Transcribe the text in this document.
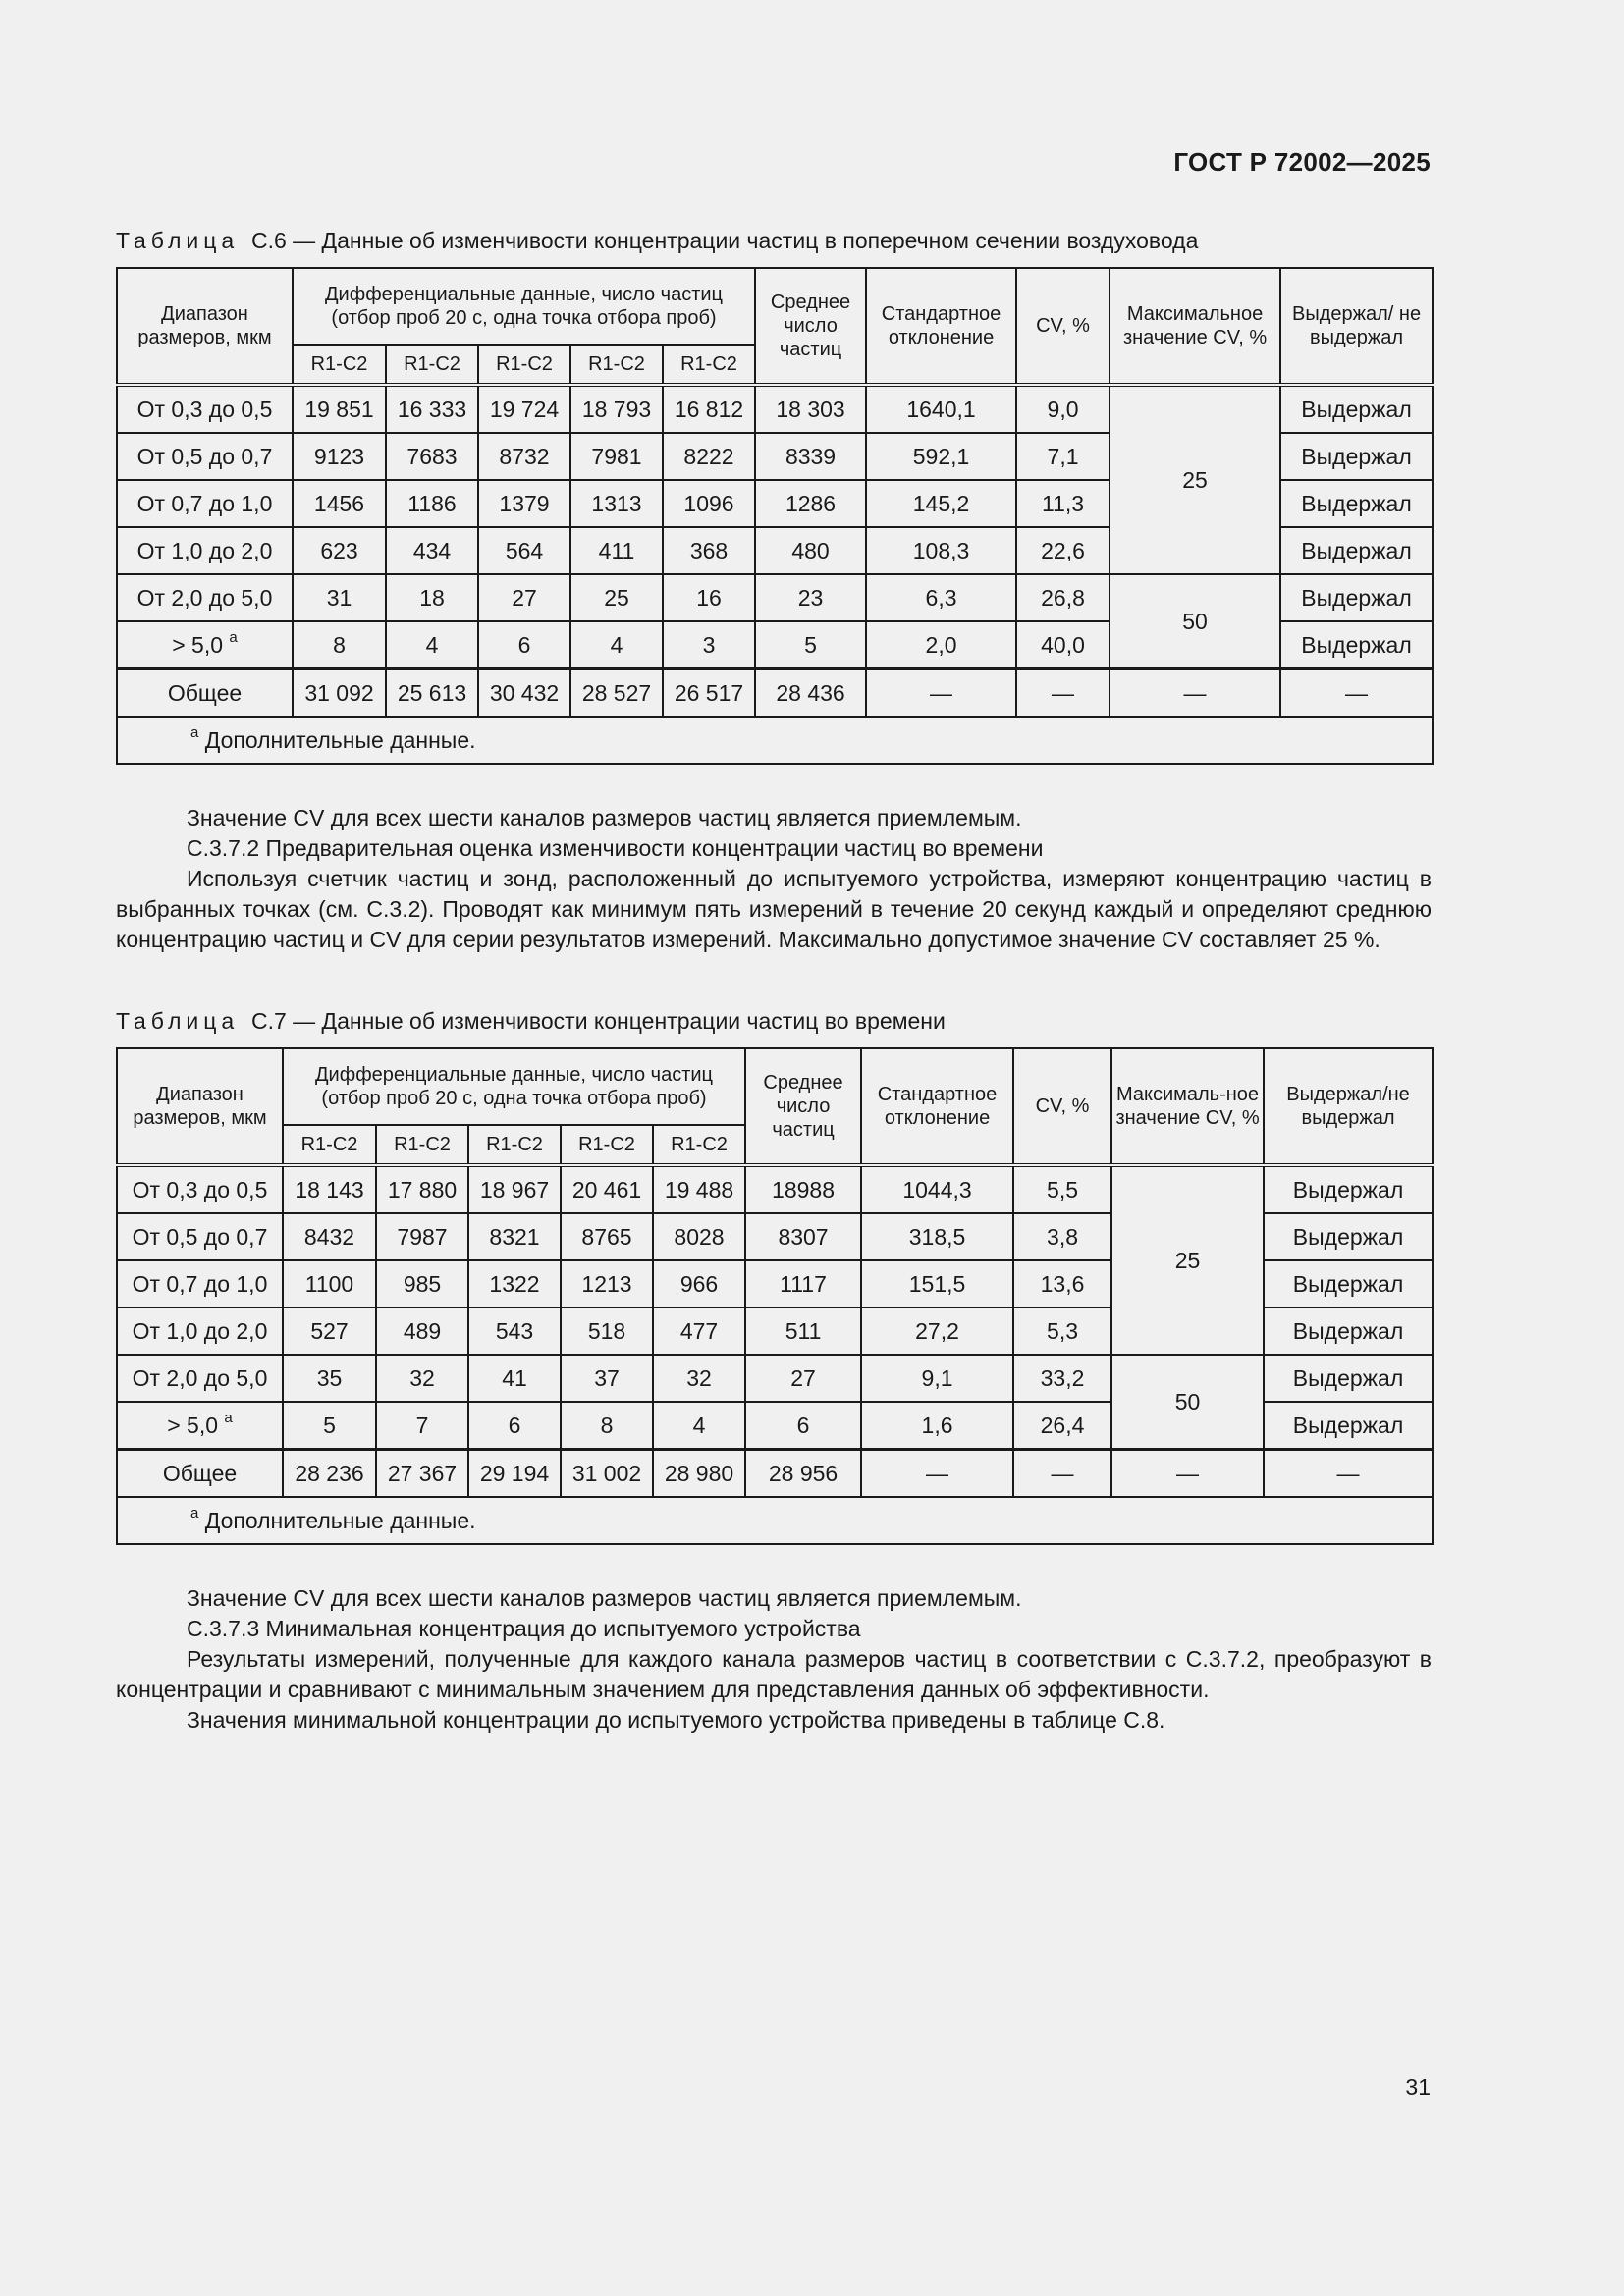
ГОСТ Р 72002—2025
Таблица С.6 — Данные об изменчивости концентрации частиц в поперечном сечении воздуховода
Диапазон размеров, мкм	Дифференциальные данные, число частиц (отбор проб 20 с, одна точка отбора проб)					Среднее число частиц	Стандартное отклонение	CV, %	Максимальное значение CV, %	Выдержал/ не выдержал
	R1-C2	R1-C2	R1-C2	R1-C2	R1-C2					
От 0,3 до 0,5	19 851	16 333	19 724	18 793	16 812	18 303	1640,1	9,0	25	Выдержал
От 0,5 до 0,7	9123	7683	8732	7981	8222	8339	592,1	7,1		Выдержал
От 0,7 до 1,0	1456	1186	1379	1313	1096	1286	145,2	11,3		Выдержал
От 1,0 до 2,0	623	434	564	411	368	480	108,3	22,6		Выдержал
От 2,0 до 5,0	31	18	27	25	16	23	6,3	26,8	50	Выдержал
> 5,0 $^а$	8	4	6	4	3	5	2,0	40,0		Выдержал
Общее	31 092	25 613	30 432	28 527	26 517	28 436	—	—	—	—
$^а$ Дополнительные данные.										

Значение CV для всех шести каналов размеров частиц является приемлемым.

С.3.7.2 Предварительная оценка изменчивости концентрации частиц во времени

Используя счетчик частиц и зонд, расположенный до испытуемого устройства, измеряют концентрацию частиц в выбранных точках (см. С.3.2). Проводят как минимум пять измерений в течение 20 секунд каждый и определяют среднюю концентрацию частиц и CV для серии результатов измерений. Максимально допустимое значение CV составляет 25 %.

Таблица С.7 — Данные об изменчивости концентрации частиц во времени
Диапазон размеров, мкм	Дифференциальные данные, число частиц (отбор проб 20 с, одна точка отбора проб)					Среднее число частиц	Стандартное отклонение	CV, %	Максималь-ное значение CV, %	Выдержал/не выдержал
	R1-C2	R1-C2	R1-C2	R1-C2	R1-C2					
От 0,3 до 0,5	18 143	17 880	18 967	20 461	19 488	18988	1044,3	5,5	25	Выдержал
От 0,5 до 0,7	8432	7987	8321	8765	8028	8307	318,5	3,8		Выдержал
От 0,7 до 1,0	1100	985	1322	1213	966	1117	151,5	13,6		Выдержал
От 1,0 до 2,0	527	489	543	518	477	511	27,2	5,3		Выдержал
От 2,0 до 5,0	35	32	41	37	32	27	9,1	33,2	50	Выдержал
> 5,0 $^а$	5	7	6	8	4	6	1,6	26,4		Выдержал
Общее	28 236	27 367	29 194	31 002	28 980	28 956	—	—	—	—
$^а$ Дополнительные данные.										

Значение CV для всех шести каналов размеров частиц является приемлемым.

С.3.7.3 Минимальная концентрация до испытуемого устройства

Результаты измерений, полученные для каждого канала размеров частиц в соответствии с С.3.7.2, преобразуют в концентрации и сравнивают с минимальным значением для представления данных об эффективности.

Значения минимальной концентрации до испытуемого устройства приведены в таблице С.8.

31
